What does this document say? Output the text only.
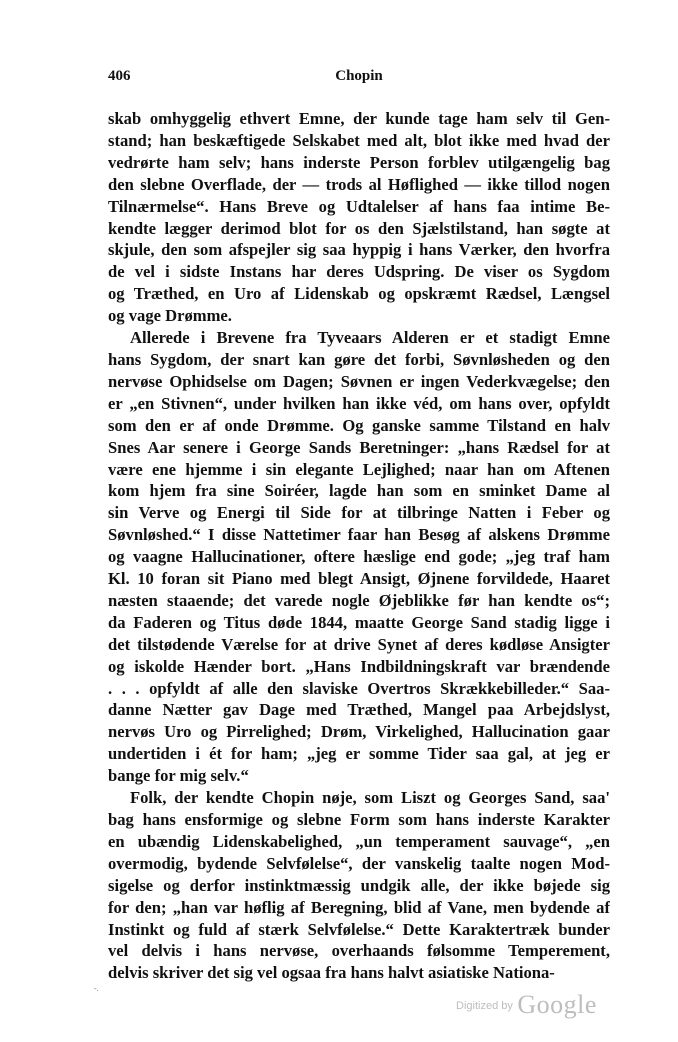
406	Chopin
skab omhyggelig ethvert Emne, der kunde tage ham selv til Gen-
stand; han beskæftigede Selskabet med alt, blot ikke med hvad der
vedrørte ham selv; hans inderste Person forblev utilgængelig bag
den slebne Overflade, der — trods al Høflighed — ikke tillod nogen
Tilnærmelse“. Hans Breve og Udtalelser af hans faa intime Be-
kendte lægger derimod blot for os den Sjælstilstand, han søgte at
skjule, den som afspejler sig saa hyppig i hans Værker, den hvorfra
de vel i sidste Instans har deres Udspring. De viser os Sygdom
og Træthed, en Uro af Lidenskab og opskræmt Rædsel, Længsel
og vage Drømme.
Allerede i Brevene fra Tyveaars Alderen er et stadigt Emne
hans Sygdom, der snart kan gøre det forbi, Søvnløsheden og den
nervøse Ophidselse om Dagen; Søvnen er ingen Vederkvægelse; den
er „en Stivnen“, under hvilken han ikke véd, om hans over, opfyldt
som den er af onde Drømme. Og ganske samme Tilstand en halv
Snes Aar senere i George Sands Beretninger: „hans Rædsel for at
være ene hjemme i sin elegante Lejlighed; naar han om Aftenen
kom hjem fra sine Soiréer, lagde han som en sminket Dame al
sin Verve og Energi til Side for at tilbringe Natten i Feber og
Søvnløshed.“ I disse Nattetimer faar han Besøg af alskens Drømme
og vaagne Hallucinationer, oftere hæslige end gode; „jeg traf ham
Kl. 10 foran sit Piano med blegt Ansigt, Øjnene forvildede, Haaret
næsten staaende; det varede nogle Øjeblikke før han kendte os“;
da Faderen og Titus døde 1844, maatte George Sand stadig ligge i
det tilstødende Værelse for at drive Synet af deres kødløse Ansigter
og iskolde Hænder bort. „Hans Indbildningskraft var brændende
. . . opfyldt af alle den slaviske Overtros Skrækkebilleder.“ Saa-
danne Nætter gav Dage med Træthed, Mangel paa Arbejdslyst,
nervøs Uro og Pirrelighed; Drøm, Virkelighed, Hallucination gaar
undertiden i ét for ham; „jeg er somme Tider saa gal, at jeg er
bange for mig selv.“
Folk, der kendte Chopin nøje, som Liszt og Georges Sand, saa'
bag hans ensformige og slebne Form som hans inderste Karakter
en ubændig Lidenskabelighed, „un temperament sauvage“, „en
overmodig, bydende Selvfølelse“, der vanskelig taalte nogen Mod-
sigelse og derfor instinktmæssig undgik alle, der ikke bøjede sig
for den; „han var høflig af Beregning, blid af Vane, men bydende af
Instinkt og fuld af stærk Selvfølelse.“ Dette Karaktertræk bunder
vel delvis i hans nervøse, overhaands følsomme Temperement,
delvis skriver det sig vel ogsaa fra hans halvt asiatiske Nationa-
‑.
$^{Digitized by}$ Google
